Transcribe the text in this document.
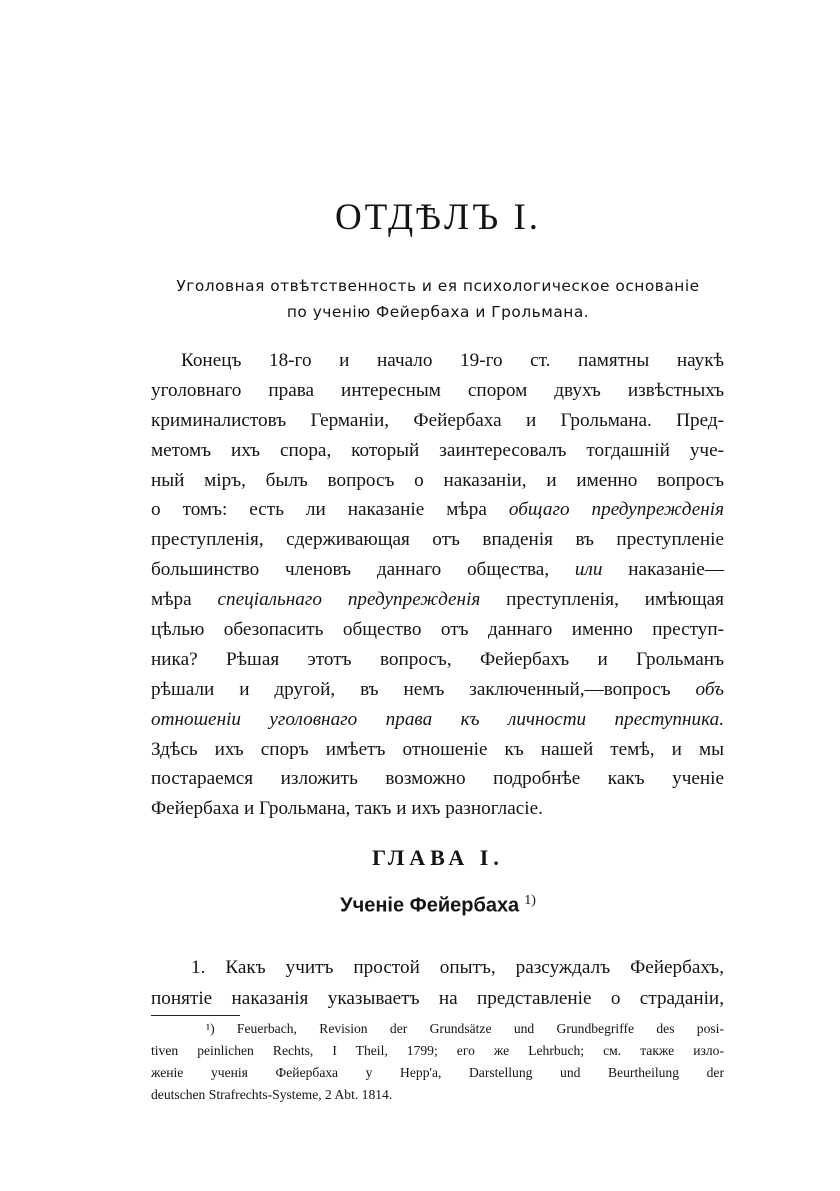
ОТДѢЛЪ I.
Уголовная отвѣтственность и ея психологическое основаніе
по ученію Фейербаха и Грольмана.
Конецъ 18-го и начало 19-го ст. памятны наукѣ
уголовнаго права интересным спором двухъ извѣстныхъ
криминалистовъ Германіи, Фейербаха и Грольмана. Пред-
метомъ ихъ спора, который заинтересовалъ тогдашній уче-
ный міръ, былъ вопросъ о наказаніи, и именно вопросъ
о томъ: есть ли наказаніе мѣра общаго предупрежденія
преступленія, сдерживающая отъ впаденія въ преступленіе
большинство членовъ даннаго общества, или наказаніе—
мѣра спеціальнаго предупрежденія преступленія, имѣющая
цѣлью обезопасить общество отъ даннаго именно преступ-
ника? Рѣшая этотъ вопросъ, Фейербахъ и Грольманъ
рѣшали и другой, въ немъ заключенный,—вопросъ объ
отношеніи уголовнаго права къ личности преступника.
Здѣсь ихъ споръ имѣетъ отношеніе къ нашей темѣ, и мы
постараемся изложить возможно подробнѣе какъ ученіе
Фейербаха и Грольмана, такъ и ихъ разногласіе.
ГЛАВА I.
Ученіе Фейербаха $^{1)}$
1. Какъ учитъ простой опытъ, разсуждалъ Фейербахъ,
понятіе наказанія указываетъ на представленіе о страданіи,
¹) Feuerbach, Revision der Grundsätze und Grundbegriffe des posi-
tiven peinlichen Rechts, I Theil, 1799; его же Lehrbuch; см. также изло-
женіе ученія Фейербаха у Hepp'a, Darstellung und Beurtheilung der
deutschen Strafrechts-Systeme, 2 Abt. 1814.
